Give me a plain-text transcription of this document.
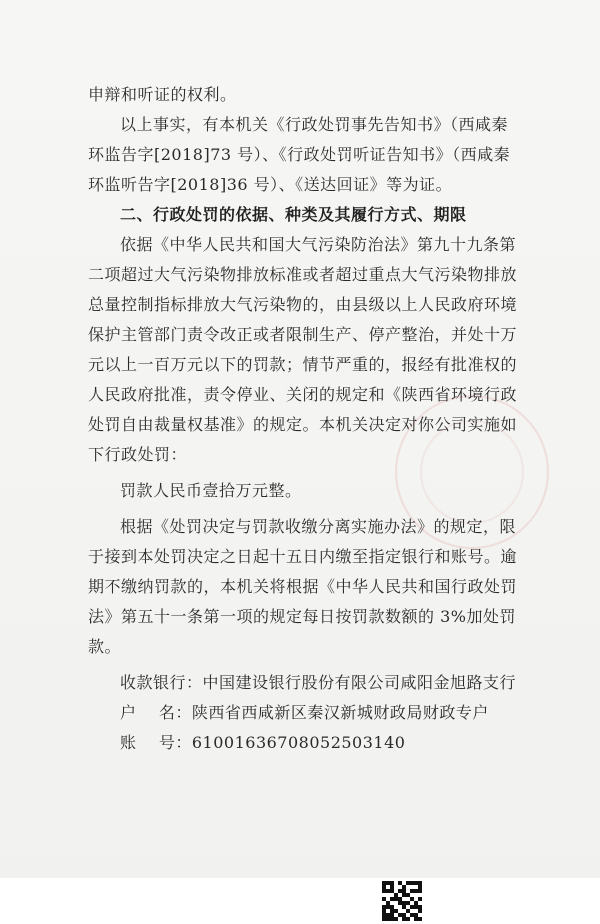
申辩和听证的权利。

以上事实，有本机关《行政处罚事先告知书》（西咸秦环监告字[2018]73 号）、《行政处罚听证告知书》（西咸秦环监听告字[2018]36 号）、《送达回证》等为证。

二、行政处罚的依据、种类及其履行方式、期限

依据《中华人民共和国大气污染防治法》第九十九条第二项超过大气污染物排放标准或者超过重点大气污染物排放总量控制指标排放大气污染物的，由县级以上人民政府环境保护主管部门责令改正或者限制生产、停产整治，并处十万元以上一百万元以下的罚款；情节严重的，报经有批准权的人民政府批准，责令停业、关闭的规定和《陕西省环境行政处罚自由裁量权基准》的规定。本机关决定对你公司实施如下行政处罚：

罚款人民币壹拾万元整。

根据《处罚决定与罚款收缴分离实施办法》的规定，限于接到本处罚决定之日起十五日内缴至指定银行和账号。逾期不缴纳罚款的，本机关将根据《中华人民共和国行政处罚法》第五十一条第一项的规定每日按罚款数额的 3%加处罚款。

收款银行： 中国建设银行股份有限公司咸阳金旭路支行
户    名： 陕西省西咸新区秦汉新城财政局财政专户
账    号： 61001636708052503140
